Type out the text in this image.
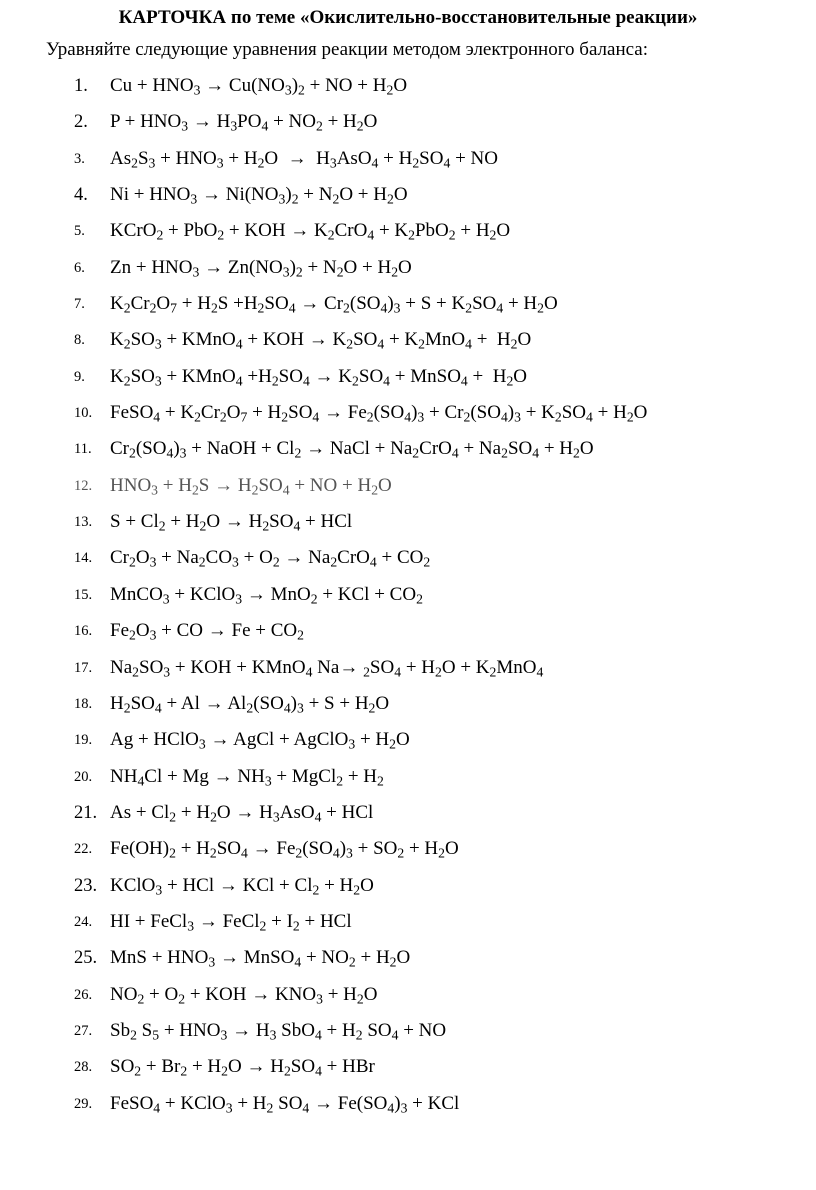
КАРТОЧКА по теме «Окислительно-восстановительные реакции»

Уравняйте следующие уравнения реакции методом электронного баланса:

1.	$Cu + HNO_3 \to Cu(NO_3)_2$ + NO + $H_2O$
2.	$P + HNO_3 \to H_3PO_4 + NO_2 + H_2O$
3.	$As_2S_3 + HNO_3 + H_2O \to H_3AsO_4 + H_2SO_4$ + NO
4.	$Ni + HNO_3 \to Ni(NO_3)_2 + N_2O + H_2O$
5.	KCrO$_2$ + PbO$_2$ + KOH → $K_2CrO_4 + K_2PbO_2 + H_2O$
6.	$Zn + HNO_3 \to Zn(NO_3)_2 + N_2O + H_2O$
7.	$K_2Cr_2O_7 + H_2S +H_2SO_4 \to Cr_2(SO_4)_3 + S + K_2SO_4 + H_2O$
8.	$K_2SO_3$ + KMnO$_4$ + KOH → $K_2SO_4 + K_2MnO_4 + H_2O$
9.	$K_2SO_3$ + KMnO$_4$ $+H_2SO_4 \to K_2SO_4$ + MnSO$_4$ +  $H_2O$
10. FeSO$_4$ + $K_2Cr_2O_7 + H_2SO_4 \to Fe_2(SO_4)_3 + Cr_2(SO_4)_3 + K_2SO_4 + H_2O$
11. $Cr_2(SO_4)_3$ + NaOH + $Cl_2$ → NaCl + $Na_2CrO_4 + Na_2SO_4 + H_2O$
12. $HNO_3 + H_2S \to H_2SO_4$ + NO + $H_2O$
13. $S + Cl_2 + H_2O \to H_2SO_4$ + HCl
14. $Cr_2O_3 + Na_2CO_3 + O_2 \to Na_2CrO_4 + CO_2$
15. MnCO$_3$ + KClO$_3$ → MnO$_2$ + KCl + $CO_2$
16. $Fe_2O_3$ + CO → $Fe + CO_2$
17. $Na_2SO_3$ + KOH + KMnO$_4$ $Na\to _2SO_4 + H_2O + K_2MnO_4$
18. $H_2SO_4 + Al \to Al_2(SO_4)_3 + S + H_2O$
19. Ag + HClO$_3$ → AgCl + AgClO$_3$ + $H_2O$
20. $NH_4Cl + Mg \to NH_3$ + MgCl$_2$ + $H_2$
21. $As + Cl_2 + H_2O \to H_3AsO_4$ + HCl
22. $Fe(OH)_2 + H_2SO_4 \to Fe_2(SO_4)_3 + SO_2 + H_2O$
23. KClO$_3$ + HCl → KCl + $Cl_2 + H_2O$
24. HI + FeCl$_3$ → FeCl$_2$ + $I_2$ + HCl
25. MnS + $HNO_3$ → MnSO$_4$ + $NO_2 + H_2O$
26. $NO_2 + O_2$ + KOH → $KNO_3 + H_2O$
27. $Sb_2$ $S_5 + HNO_3 \to H_3$ $SbO_4 + H_2$ $SO_4$ + NO
28. $SO_2 + Br_2 + H_2O \to H_2SO_4$ + HBr
29. FeSO$_4$ + KClO$_3$ + $H_2$ $SO_4 \to Fe(SO_4)_3$ + KCl
